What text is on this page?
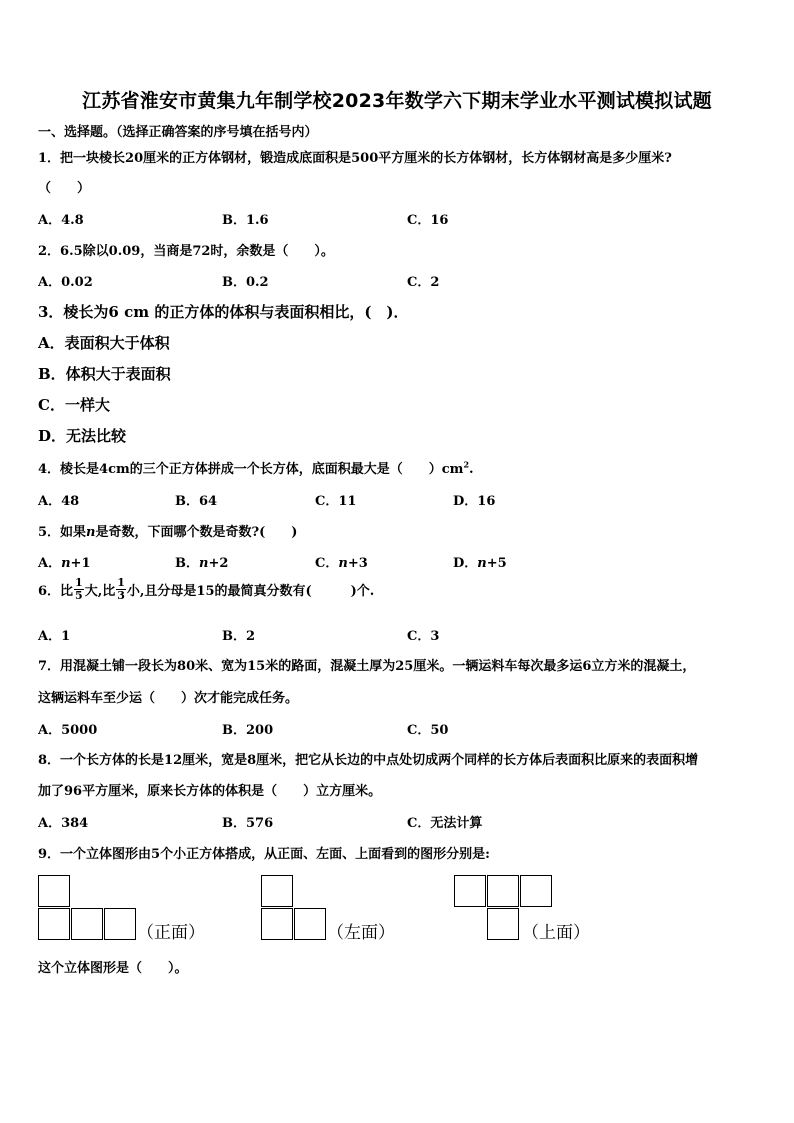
江苏省淮安市黄集九年制学校2023年数学六下期末学业水平测试模拟试题
一、选择题。（选择正确答案的序号填在括号内）
1．把一块棱长20厘米的正方体钢材，锻造成底面积是500平方厘米的长方体钢材，长方体钢材高是多少厘米?
（　　）
A．4.8	B．1.6	C．16
2．6.5除以0.09，当商是72时，余数是（　　）。
A．0.02	B．0.2	C．2
3．棱长为6 cm 的正方体的体积与表面积相比，(　)．
A．表面积大于体积
B．体积大于表面积
C．一样大
D．无法比较
4．棱长是4cm的三个正方体拼成一个长方体，底面积最大是（　　）$cm^2$.
A．48	B．64	C．11	D．16
5．如果n是奇数，下面哪个数是奇数?(　　)
A．n+1	B．n+2	C．n+3	D．n+5
6．比 $\frac{1}{5}$ 大,比 $\frac{1}{3}$ 小,且分母是15的最简真分数有(　　　)个.
A．1	B．2	C．3
7．用混凝土铺一段长为80米、宽为15米的路面，混凝土厚为25厘米。一辆运料车每次最多运6立方米的混凝土，
这辆运料车至少运（　　）次才能完成任务。
A．5000	B．200	C．50
8．一个长方体的长是12厘米，宽是8厘米，把它从长边的中点处切成两个同样的长方体后表面积比原来的表面积增
加了96平方厘米，原来长方体的体积是（　　）立方厘米。
A．384	B．576	C．无法计算
9．一个立体图形由5个小正方体搭成，从正面、左面、上面看到的图形分别是:
（正面）	（左面）	（上面）
这个立体图形是（　　）。
